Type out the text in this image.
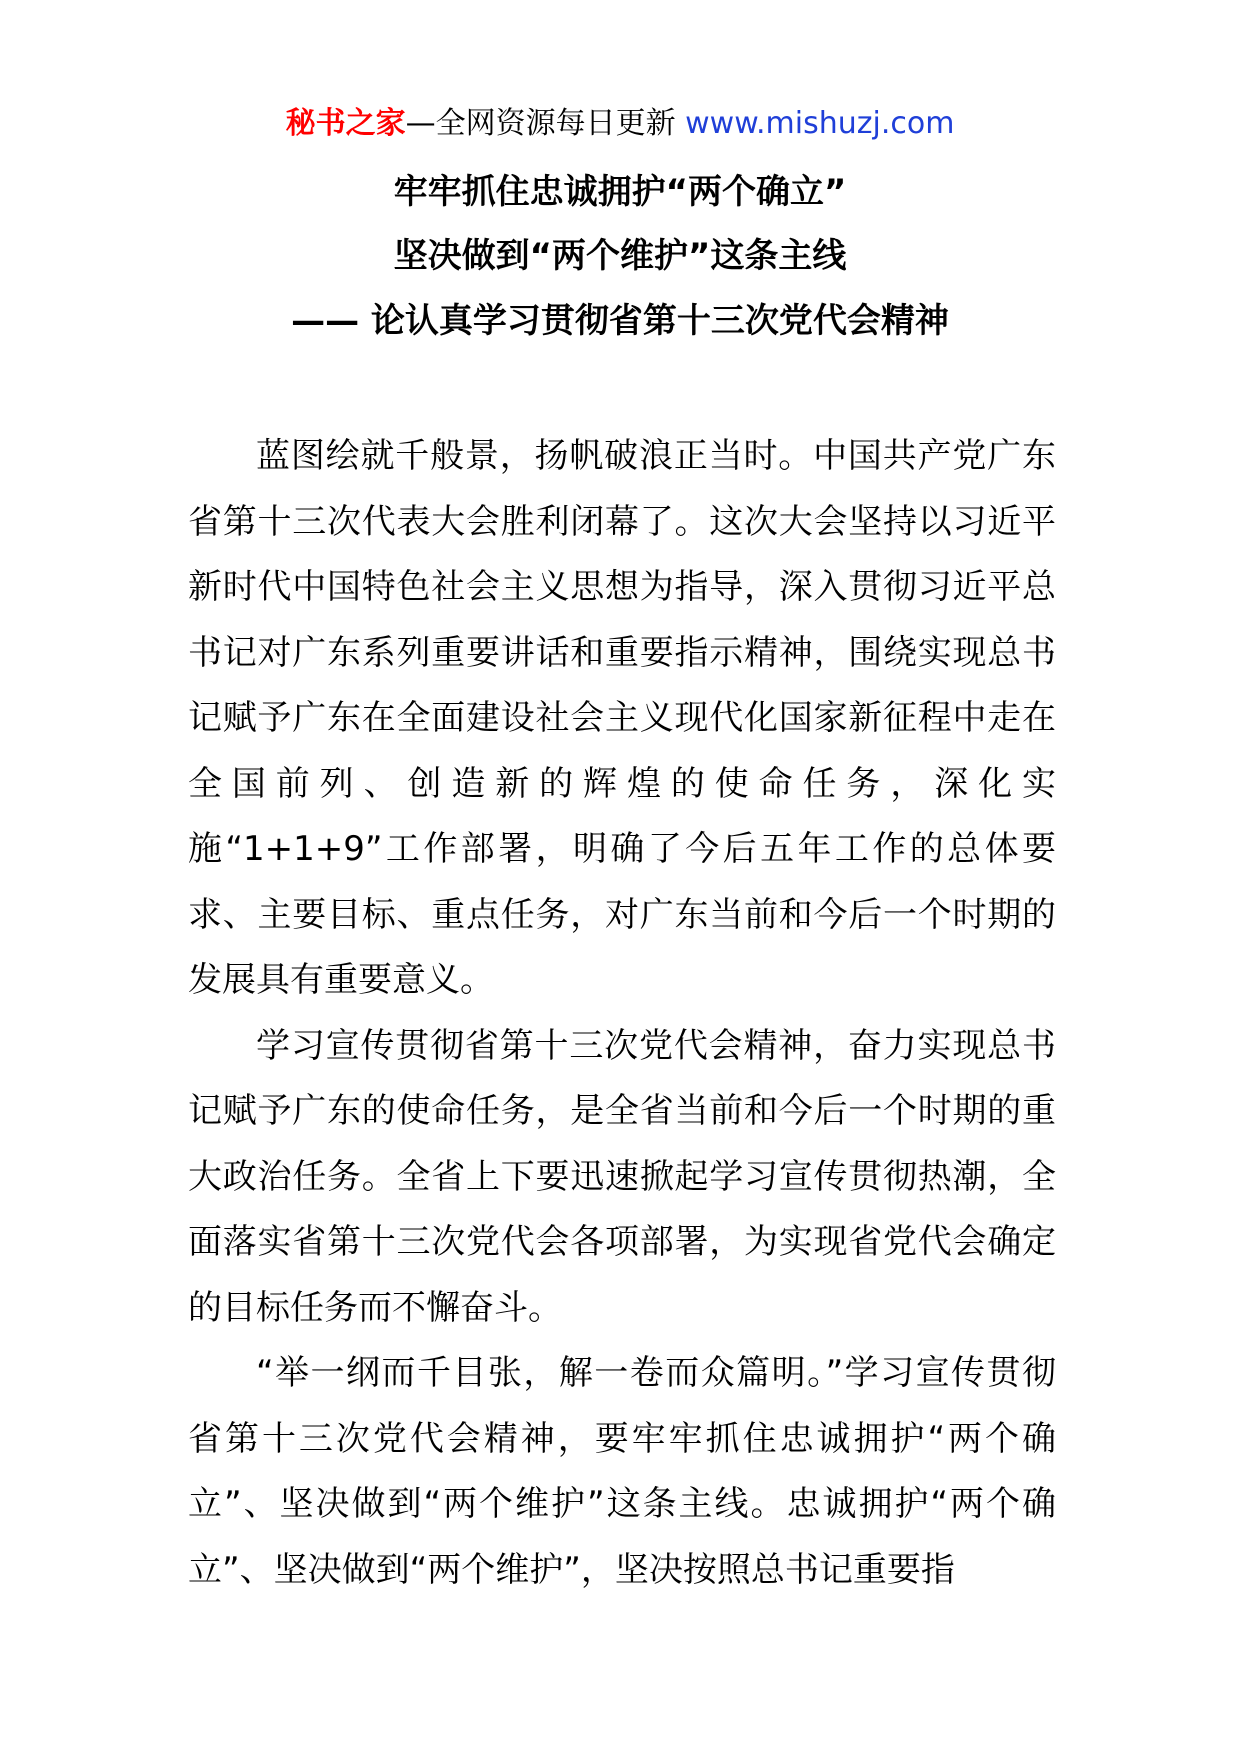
秘书之家—全网资源每日更新 www.mishuzj.com
牢牢抓住忠诚拥护“两个确立”
坚决做到“两个维护”这条主线
—— 论认真学习贯彻省第十三次党代会精神

蓝图绘就千般景，扬帆破浪正当时。中国共产党广东省第十三次代表大会胜利闭幕了。这次大会坚持以习近平新时代中国特色社会主义思想为指导，深入贯彻习近平总书记对广东系列重要讲话和重要指示精神，围绕实现总书记赋予广东在全面建设社会主义现代化国家新征程中走在全国前列、创造新的辉煌的使命任务，深化实施“1+1+9”工作部署，明确了今后五年工作的总体要求、主要目标、重点任务，对广东当前和今后一个时期的发展具有重要意义。

学习宣传贯彻省第十三次党代会精神，奋力实现总书记赋予广东的使命任务，是全省当前和今后一个时期的重大政治任务。全省上下要迅速掀起学习宣传贯彻热潮，全面落实省第十三次党代会各项部署，为实现省党代会确定的目标任务而不懈奋斗。

“举一纲而千目张，解一卷而众篇明。”学习宣传贯彻省第十三次党代会精神，要牢牢抓住忠诚拥护“两个确立”、坚决做到“两个维护”这条主线。忠诚拥护“两个确立”、坚决做到“两个维护”，坚决按照总书记重要指
